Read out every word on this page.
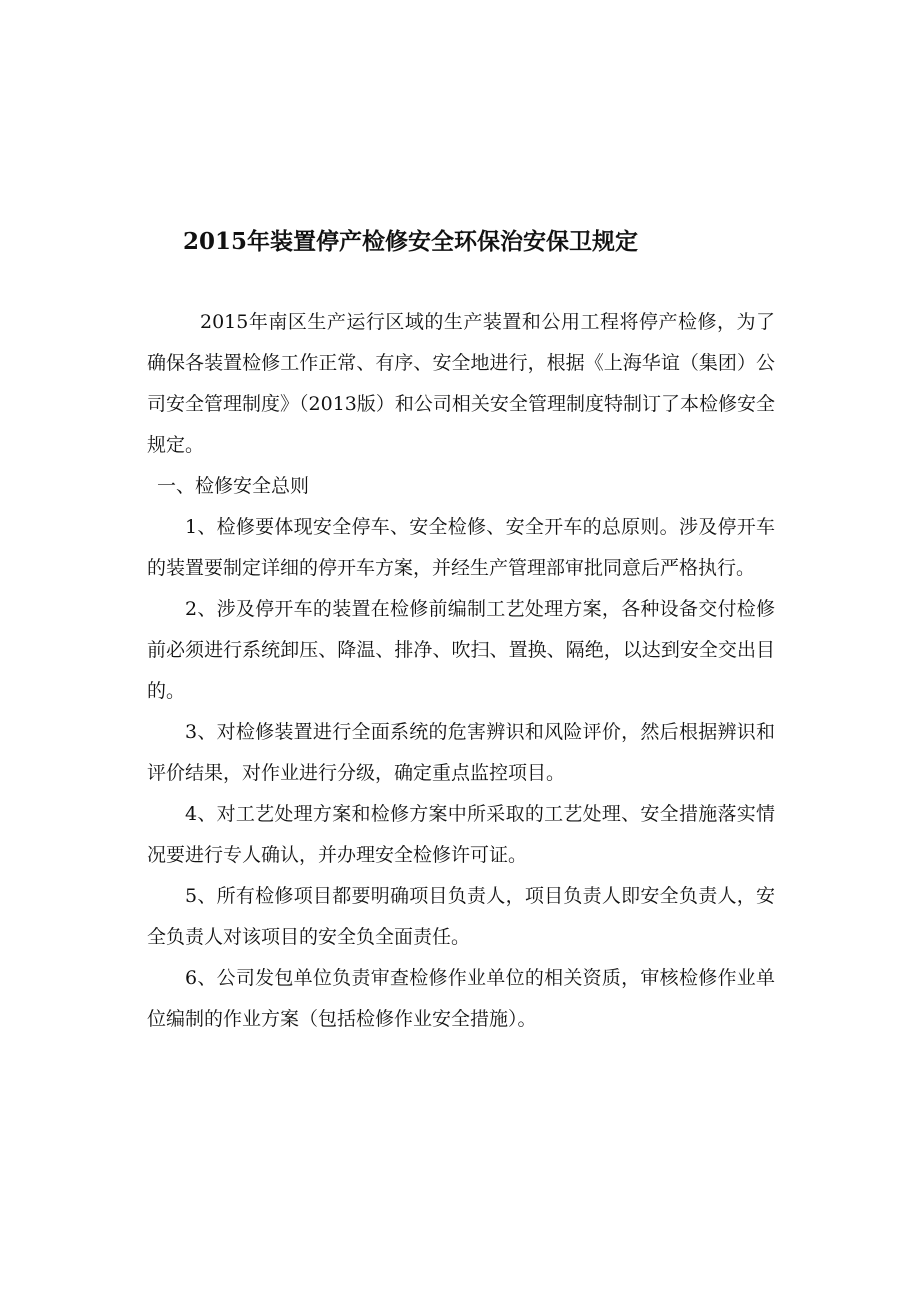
2015年装置停产检修安全环保治安保卫规定

2015年南区生产运行区域的生产装置和公用工程将停产检修，为了确保各装置检修工作正常、有序、安全地进行，根据《上海华谊（集团）公司安全管理制度》（2013版）和公司相关安全管理制度特制订了本检修安全规定。

一、检修安全总则

1、检修要体现安全停车、安全检修、安全开车的总原则。涉及停开车的装置要制定详细的停开车方案，并经生产管理部审批同意后严格执行。

2、涉及停开车的装置在检修前编制工艺处理方案，各种设备交付检修前必须进行系统卸压、降温、排净、吹扫、置换、隔绝，以达到安全交出目的。

3、对检修装置进行全面系统的危害辨识和风险评价，然后根据辨识和评价结果，对作业进行分级，确定重点监控项目。

4、对工艺处理方案和检修方案中所采取的工艺处理、安全措施落实情况要进行专人确认，并办理安全检修许可证。

5、所有检修项目都要明确项目负责人，项目负责人即安全负责人，安全负责人对该项目的安全负全面责任。

6、公司发包单位负责审查检修作业单位的相关资质，审核检修作业单位编制的作业方案（包括检修作业安全措施）。
